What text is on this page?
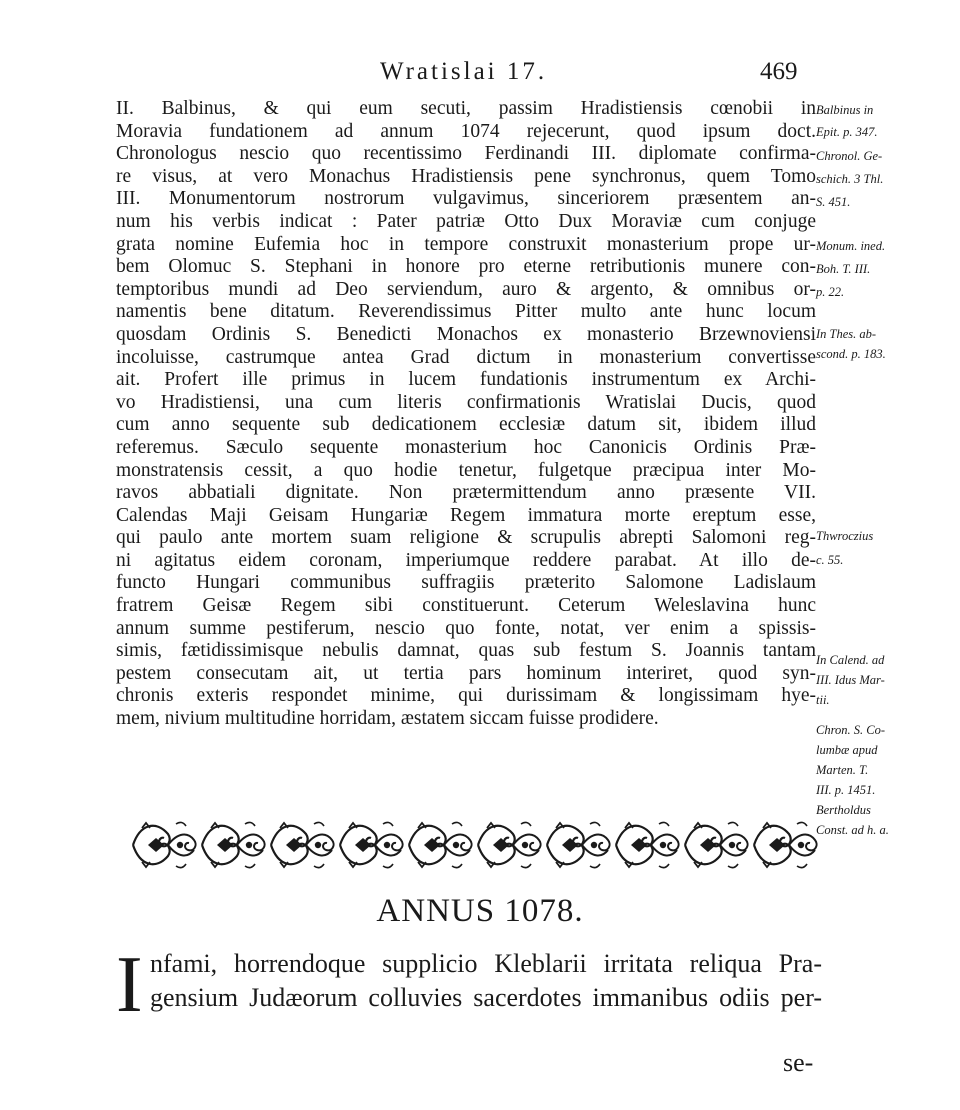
Wratislai 17.	469
II. Balbinus, & qui eum secuti, passim Hradistiensis cœnobii in
Moravia fundationem ad annum 1074 rejecerunt, quod ipsum doct.
Chronologus nescio quo recentissimo Ferdinandi III. diplomate confirma-
re visus, at vero Monachus Hradistiensis pene synchronus, quem Tomo
III. Monumentorum nostrorum vulgavimus, sinceriorem præsentem an-
num his verbis indicat : Pater patriæ Otto Dux Moraviæ cum conjuge
grata nomine Eufemia hoc in tempore construxit monasterium prope ur-
bem Olomuc S. Stephani in honore pro eterne retributionis munere con-
temptoribus mundi ad Deo serviendum, auro & argento, & omnibus or-
namentis bene ditatum. Reverendissimus Pitter multo ante hunc locum
quosdam Ordinis S. Benedicti Monachos ex monasterio Brzewnoviensi
incoluisse, castrumque antea Grad dictum in monasterium convertisse
ait. Profert ille primus in lucem fundationis instrumentum ex Archi-
vo Hradistiensi, una cum literis confirmationis Wratislai Ducis, quod
cum anno sequente sub dedicationem ecclesiæ datum sit, ibidem illud
referemus. Sæculo sequente monasterium hoc Canonicis Ordinis Præ-
monstratensis cessit, a quo hodie tenetur, fulgetque præcipua inter Mo-
ravos abbatiali dignitate. Non prætermittendum anno præsente VII.
Calendas Maji Geisam Hungariæ Regem immatura morte ereptum esse,
qui paulo ante mortem suam religione & scrupulis abrepti Salomoni reg-
ni agitatus eidem coronam, imperiumque reddere parabat. At illo de-
functo Hungari communibus suffragiis præterito Salomone Ladislaum
fratrem Geisæ Regem sibi constituerunt. Ceterum Weleslavina hunc
annum summe pestiferum, nescio quo fonte, notat, ver enim a spissis-
simis, fætidissimisque nebulis damnat, quas sub festum S. Joannis tantam
pestem consecutam ait, ut tertia pars hominum interiret, quod syn-
chronis exteris respondet minime, qui durissimam & longissimam hye-
mem, nivium multitudine horridam, æstatem siccam fuisse prodidere.
Balbinus in
Epit. p. 347.
Chronol. Ge-
schich. 3 Thl.
S. 451.
Monum. ined.
Boh. T. III.
p. 22.
In Thes. ab-
scond. p. 183.
Thwroczius
c. 55.
In Calend. ad
III. Idus Mar-
tii.
Chron. S. Co-
lumbæ apud
Marten. T.
III. p. 1451.
Bertholdus
Const. ad h. a.
ANNUS 1078.
I nfami, horrendoque supplicio Kleblarii irritata reliqua Pra-
gensium Judæorum colluvies sacerdotes immanibus odiis per-
se-
